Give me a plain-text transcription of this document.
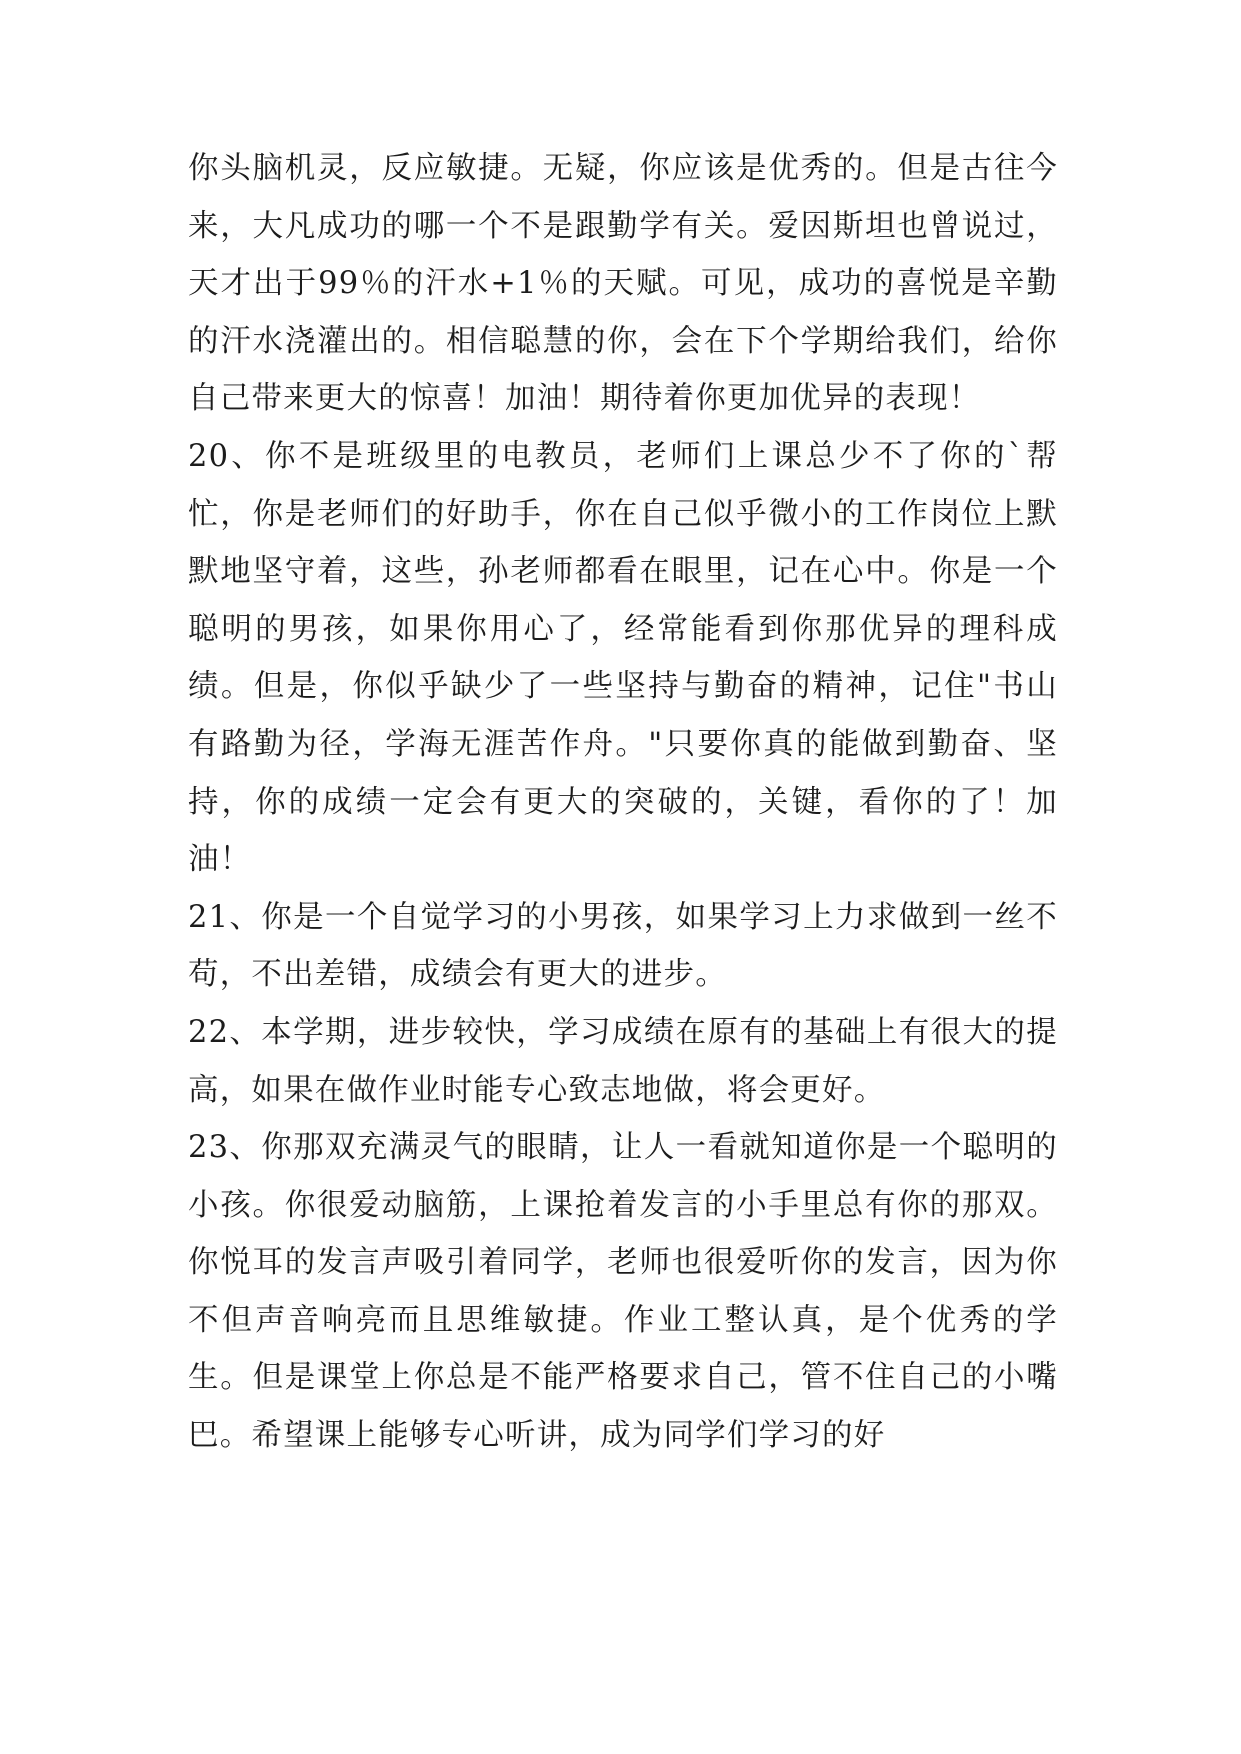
你头脑机灵，反应敏捷。无疑，你应该是优秀的。但是古往今来，大凡成功的哪一个不是跟勤学有关。爱因斯坦也曾说过，天才出于99％的汗水+1％的天赋。可见，成功的喜悦是辛勤的汗水浇灌出的。相信聪慧的你，会在下个学期给我们，给你自己带来更大的惊喜！加油！期待着你更加优异的表现！

20、你不是班级里的电教员，老师们上课总少不了你的`帮忙，你是老师们的好助手，你在自己似乎微小的工作岗位上默默地坚守着，这些，孙老师都看在眼里，记在心中。你是一个聪明的男孩，如果你用心了，经常能看到你那优异的理科成绩。但是，你似乎缺少了一些坚持与勤奋的精神，记住"书山有路勤为径，学海无涯苦作舟。"只要你真的能做到勤奋、坚持，你的成绩一定会有更大的突破的，关键，看你的了！加油！

21、你是一个自觉学习的小男孩，如果学习上力求做到一丝不苟，不出差错，成绩会有更大的进步。

22、本学期，进步较快，学习成绩在原有的基础上有很大的提高，如果在做作业时能专心致志地做，将会更好。

23、你那双充满灵气的眼睛，让人一看就知道你是一个聪明的小孩。你很爱动脑筋，上课抢着发言的小手里总有你的那双。你悦耳的发言声吸引着同学，老师也很爱听你的发言，因为你不但声音响亮而且思维敏捷。作业工整认真，是个优秀的学生。但是课堂上你总是不能严格要求自己，管不住自己的小嘴巴。希望课上能够专心听讲，成为同学们学习的好
